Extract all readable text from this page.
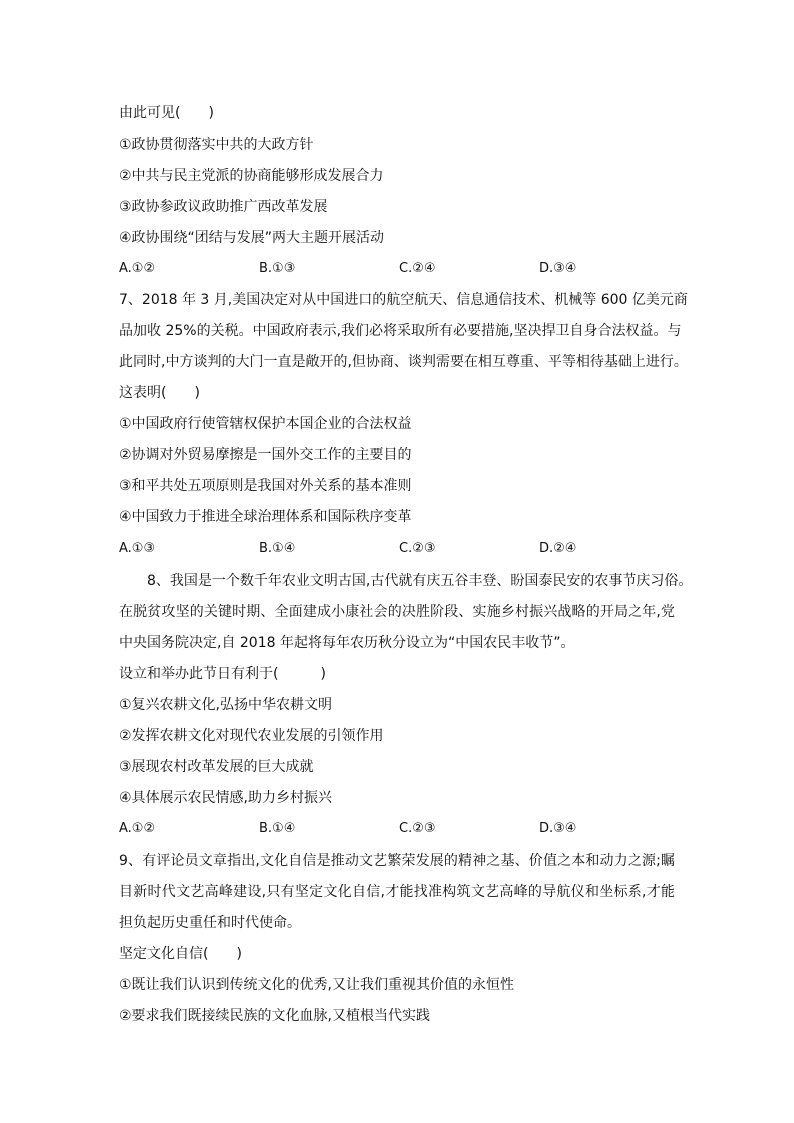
由此可见(　　)
①政协贯彻落实中共的大政方针
②中共与民主党派的协商能够形成发展合力
③政协参政议政助推广西改革发展
④政协围绕“团结与发展”两大主题开展活动
A.①②	B.①③	C.②④	D.③④
7、2018 年 3 月,美国决定对从中国进口的航空航天、信息通信技术、机械等 600 亿美元商
品加收 25%的关税。中国政府表示,我们必将采取所有必要措施,坚决捍卫自身合法权益。与
此同时,中方谈判的大门一直是敞开的,但协商、谈判需要在相互尊重、平等相待基础上进行。
这表明(　　)
①中国政府行使管辖权保护本国企业的合法权益
②协调对外贸易摩擦是一国外交工作的主要目的
③和平共处五项原则是我国对外关系的基本准则
④中国致力于推进全球治理体系和国际秩序变革
A.①③	B.①④	C.②③	D.②④
8、我国是一个数千年农业文明古国,古代就有庆五谷丰登、盼国泰民安的农事节庆习俗。
在脱贫攻坚的关键时期、全面建成小康社会的决胜阶段、实施乡村振兴战略的开局之年,党
中央国务院决定,自 2018 年起将每年农历秋分设立为“中国农民丰收节”。
设立和举办此节日有利于(　　　)
①复兴农耕文化,弘扬中华农耕文明
②发挥农耕文化对现代农业发展的引领作用
③展现农村改革发展的巨大成就
④具体展示农民情感,助力乡村振兴
A.①②	B.①④	C.②③	D.③④
9、有评论员文章指出,文化自信是推动文艺繁荣发展的精神之基、价值之本和动力之源;瞩
目新时代文艺高峰建设,只有坚定文化自信,才能找准构筑文艺高峰的导航仪和坐标系,才能
担负起历史重任和时代使命。
坚定文化自信(　　)
①既让我们认识到传统文化的优秀,又让我们重视其价值的永恒性
②要求我们既接续民族的文化血脉,又植根当代实践
